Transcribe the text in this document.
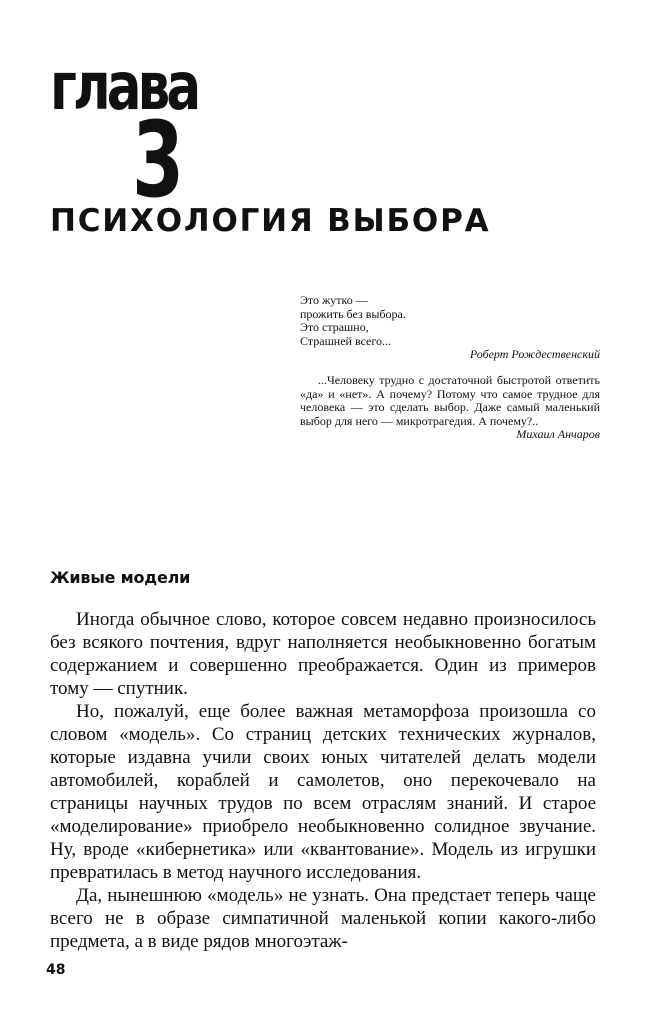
глава
3
ПСИХОЛОГИЯ ВЫБОРА
Это жутко —
прожить без выбора.
Это страшно,
Страшней всего...
Роберт Рождественский

...Человеку трудно с достаточной быстротой ответить «да» и «нет». А почему? Потому что самое трудное для человека — это сделать выбор. Даже самый маленький выбор для него — микротрагедия. А почему?..

Михаил Анчаров
Живые модели

Иногда обычное слово, которое совсем недавно произносилось без всякого почтения, вдруг наполняется необыкновенно богатым содержанием и совершенно преображается. Один из примеров тому — спутник.

Но, пожалуй, еще более важная метаморфоза произошла со словом «модель». Со страниц детских технических журналов, которые издавна учили своих юных читателей делать модели автомобилей, кораблей и самолетов, оно перекочевало на страницы научных трудов по всем отраслям знаний. И старое «моделирование» приобрело необыкновенно солидное звучание. Ну, вроде «кибернетика» или «квантование». Модель из игрушки превратилась в метод научного исследования.

Да, нынешнюю «модель» не узнать. Она предстает теперь чаще всего не в образе симпатичной маленькой копии какого-либо предмета, а в виде рядов многоэтаж-

48
